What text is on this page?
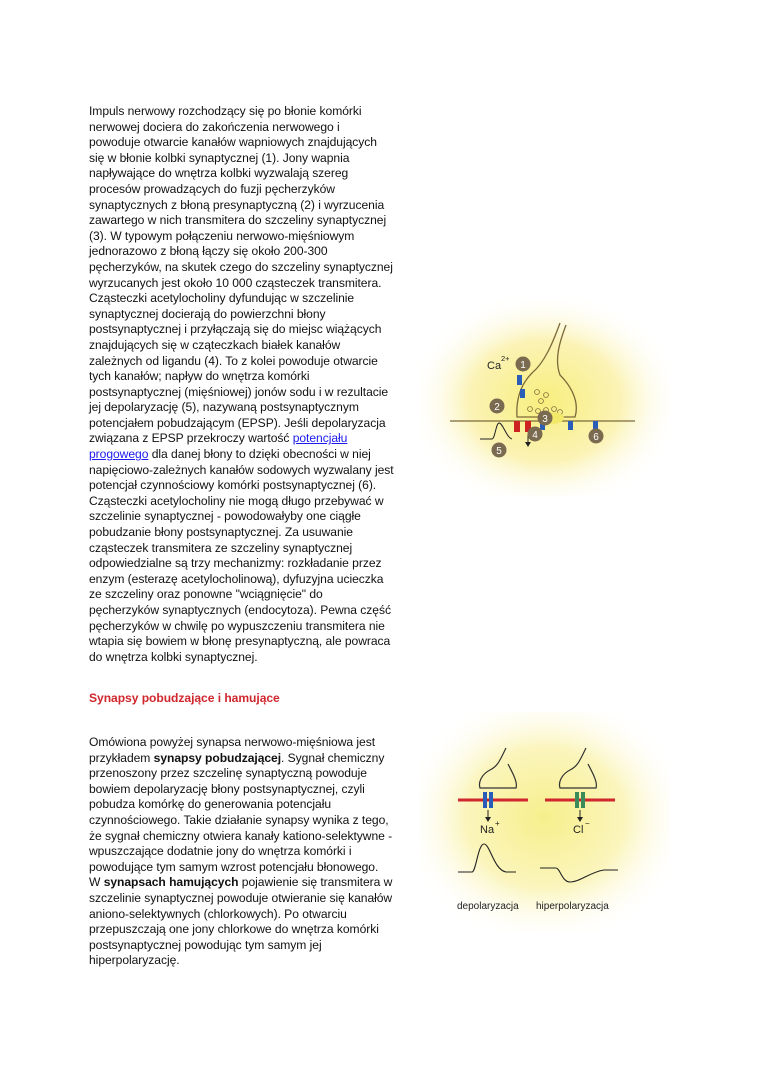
Impuls nerwowy rozchodzący się po błonie komórki nerwowej dociera do zakończenia nerwowego i powoduje otwarcie kanałów wapniowych znajdujących się w błonie kolbki synaptycznej (1). Jony wapnia napływające do wnętrza kolbki wyzwalają szereg procesów prowadzących do fuzji pęcherzyków synaptycznych z błoną presynaptyczną (2) i wyrzucenia zawartego w nich transmitera do szczeliny synaptycznej (3). W typowym połączeniu nerwowo-mięśniowym jednorazowo z błoną łączy się około 200-300 pęcherzyków, na skutek czego do szczeliny synaptycznej wyrzucanych jest około 10 000 cząsteczek transmitera. Cząsteczki acetylocholiny dyfundując w szczelinie synaptycznej docierają do powierzchni błony postsynaptycznej i przyłączają się do miejsc wiążących znajdujących się w cząteczkach białek kanałów zależnych od ligandu (4). To z kolei powoduje otwarcie tych kanałów; napływ do wnętrza komórki postsynaptycznej (mięśniowej) jonów sodu i w rezultacie jej depolaryzację (5), nazywaną postsynaptycznym potencjałem pobudzającym (EPSP). Jeśli depolaryzacja związana z EPSP przekroczy wartość potencjału progowego dla danej błony to dzięki obecności w niej napięciowo-zależnych kanałów sodowych wyzwalany jest potencjał czynnościowy komórki postsynaptycznej (6). Cząsteczki acetylocholiny nie mogą długo przebywać w szczelinie synaptycznej - powodowałyby one ciągłe pobudzanie błony postsynaptycznej. Za usuwanie cząsteczek transmitera ze szczeliny synaptycznej odpowiedzialne są trzy mechanizmy: rozkładanie przez enzym (esterazę acetylocholinową), dyfuzyjna ucieczka ze szczeliny oraz ponowne "wciągnięcie" do pęcherzyków synaptycznych (endocytoza). Pewna część pęcherzyków w chwilę po wypuszczeniu transmitera nie wtapia się bowiem w błonę presynaptyczną, ale powraca do wnętrza kolbki synaptycznej.

Synapsy pobudzające i hamujące

Omówiona powyżej synapsa nerwowo-mięśniowa jest przykładem synapsy pobudzającej. Sygnał chemiczny przenoszony przez szczelinę synaptyczną powoduje bowiem depolaryzację błony postsynaptycznej, czyli pobudza komórkę do generowania potencjału czynnościowego. Takie działanie synapsy wynika z tego, że sygnał chemiczny otwiera kanały kationo-selektywne - wpuszczające dodatnie jony do wnętrza komórki i powodujące tym samym wzrost potencjału błonowego.

W synapsach hamujących pojawienie się transmitera w szczelinie synaptycznej powoduje otwieranie się kanałów aniono-selektywnych (chlorkowych). Po otwarciu przepuszczają one jony chlorkowe do wnętrza komórki postsynaptycznej powodując tym samym jej hiperpolaryzację.

Ca
2+
1
2
3
4
5
6
Na
+
Cl
−
depolaryzacja hiperpolaryzacja
